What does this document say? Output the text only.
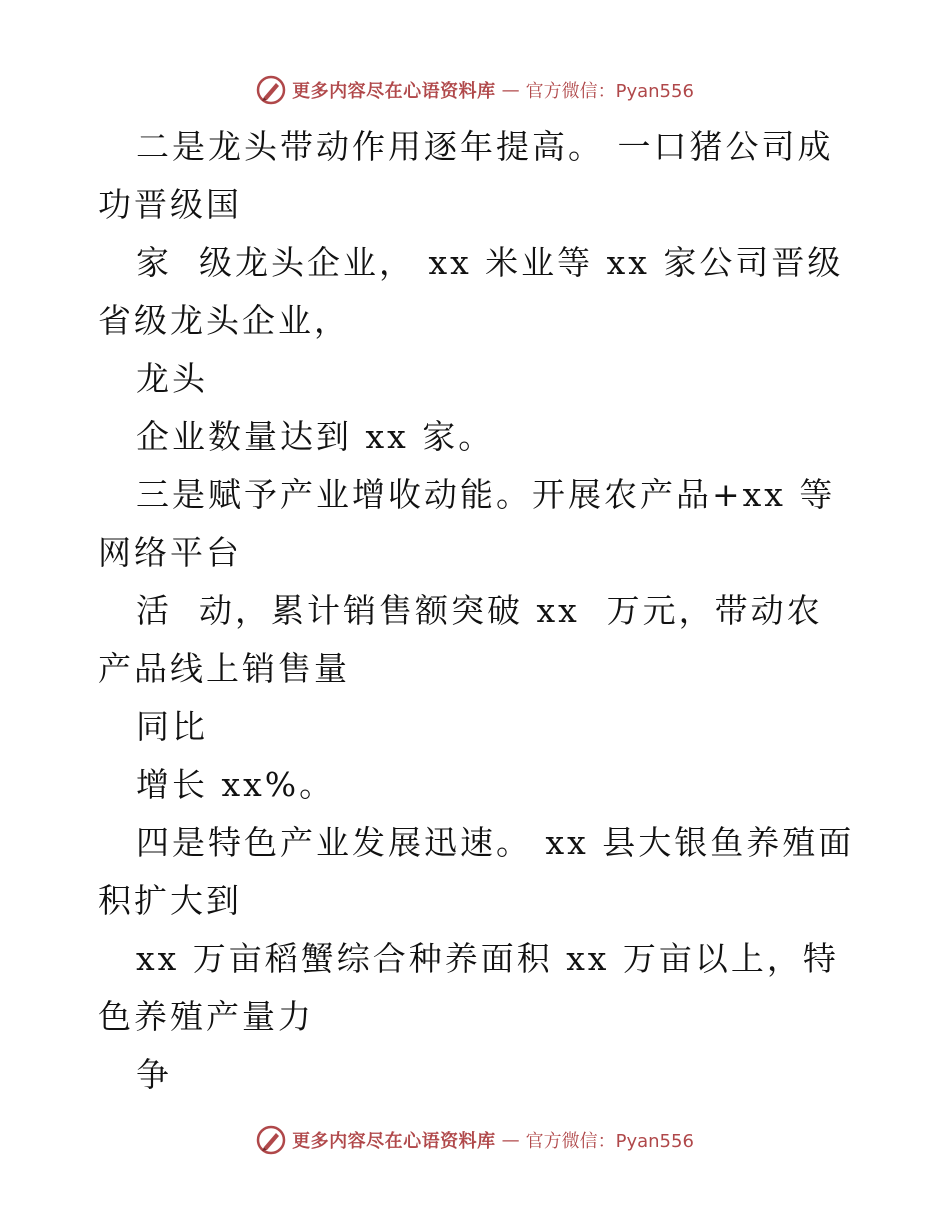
更多内容尽在心语资料库 — 官方微信：Pyan556

二是龙头带动作用逐年提高。 一口猪公司成功晋级国

家  级龙头企业， xx 米业等 xx 家公司晋级省级龙头企业，

龙头

企业数量达到 xx 家。

三是赋予产业增收动能。开展农产品+xx 等网络平台

活  动，累计销售额突破 xx  万元，带动农产品线上销售量

同比

增长 xx%。

四是特色产业发展迅速。 xx 县大银鱼养殖面积扩大到

xx 万亩稻蟹综合种养面积 xx 万亩以上，特色养殖产量力

争

更多内容尽在心语资料库 — 官方微信：Pyan556
